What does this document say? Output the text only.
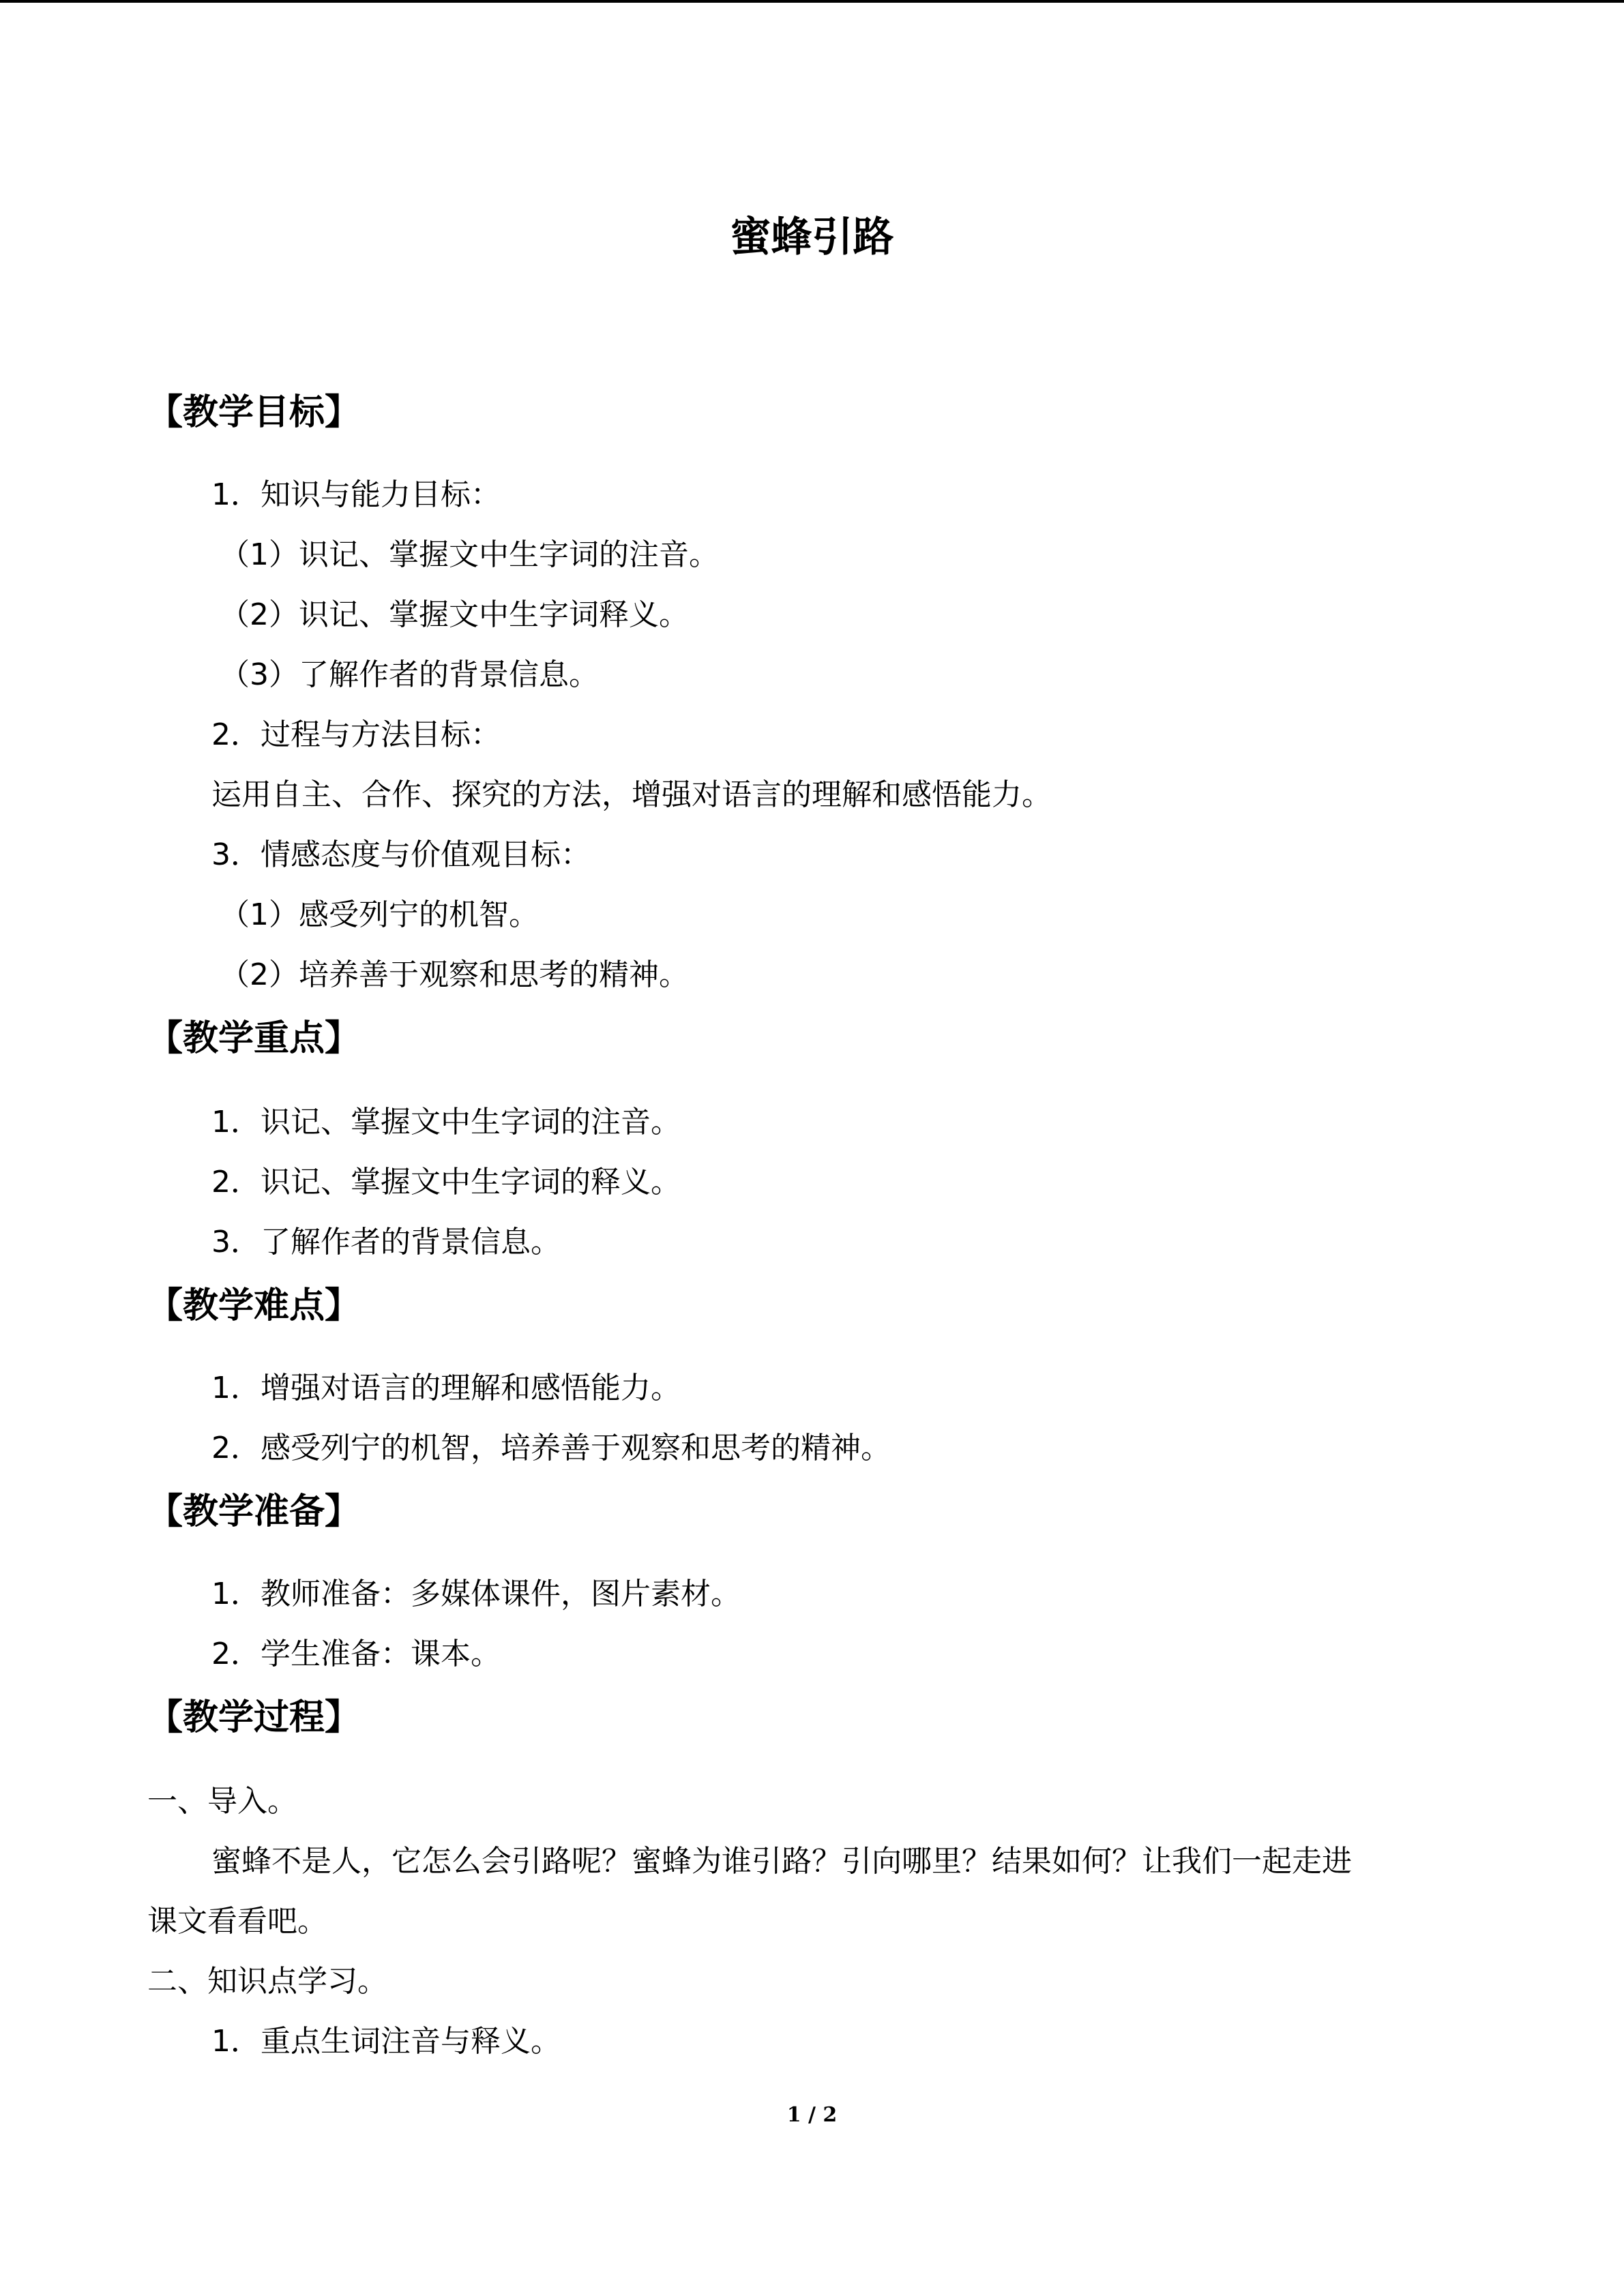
蜜蜂引路
【教学目标】
1．知识与能力目标：
（1）识记、掌握文中生字词的注音。
（2）识记、掌握文中生字词释义。
（3）了解作者的背景信息。
2．过程与方法目标：
运用自主、合作、探究的方法，增强对语言的理解和感悟能力。
3．情感态度与价值观目标：
（1）感受列宁的机智。
（2）培养善于观察和思考的精神。
【教学重点】
1．识记、掌握文中生字词的注音。
2．识记、掌握文中生字词的释义。
3．了解作者的背景信息。
【教学难点】
1．增强对语言的理解和感悟能力。
2．感受列宁的机智，培养善于观察和思考的精神。
【教学准备】
1．教师准备：多媒体课件，图片素材。
2．学生准备：课本。
【教学过程】
一、导入。
蜜蜂不是人，它怎么会引路呢？蜜蜂为谁引路？引向哪里？结果如何？让我们一起走进
课文看看吧。
二、知识点学习。
1．重点生词注音与释义。
1 / 2
